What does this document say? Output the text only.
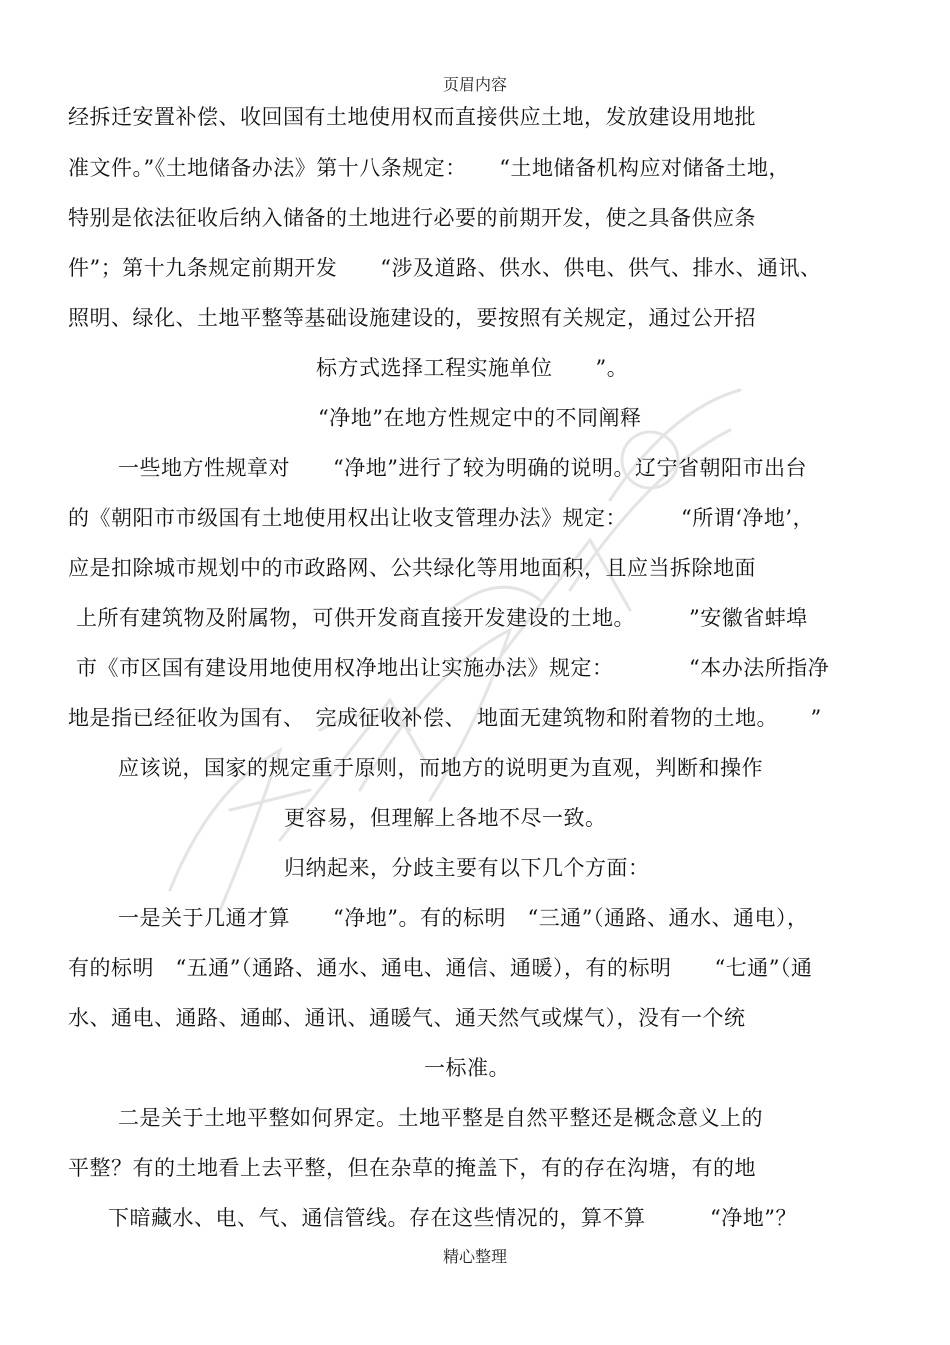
页眉内容
经拆迁安置补偿、收回国有土地使用权而直接供应土地，发放建设用地批
准文件。”《土地储备办法》第十八条规定：　　“土地储备机构应对储备土地，
特别是依法征收后纳入储备的土地进行必要的前期开发，使之具备供应条
件”；第十九条规定前期开发　　“涉及道路、供水、供电、供气、排水、通讯、
照明、绿化、土地平整等基础设施建设的，要按照有关规定，通过公开招
标方式选择工程实施单位　　”。
“净地”在地方性规定中的不同阐释
一些地方性规章对　　“净地”进行了较为明确的说明。辽宁省朝阳市出台
的《朝阳市市级国有土地使用权出让收支管理办法》规定：　　　“所谓‘净地’，
应是扣除城市规划中的市政路网、公共绿化等用地面积，且应当拆除地面
上所有建筑物及附属物，可供开发商直接开发建设的土地。　　　”安徽省蚌埠
市《市区国有建设用地使用权净地出让实施办法》规定：　　　　“本办法所指净
地是指已经征收为国有、　完成征收补偿、　地面无建筑物和附着物的土地。　　”
应该说，国家的规定重于原则，而地方的说明更为直观，判断和操作
更容易，但理解上各地不尽一致。
归纳起来，分歧主要有以下几个方面：
一是关于几通才算　　“净地”。有的标明　“三通”（通路、通水、通电），
有的标明　“五通”（通路、通水、通电、通信、通暖），有的标明　　“七通”（通
水、通电、通路、通邮、通讯、通暖气、通天然气或煤气），没有一个统
一标准。
二是关于土地平整如何界定。土地平整是自然平整还是概念意义上的
平整？有的土地看上去平整，但在杂草的掩盖下，有的存在沟塘，有的地
下暗藏水、电、气、通信管线。存在这些情况的，算不算　　　“净地”？
精心整理
